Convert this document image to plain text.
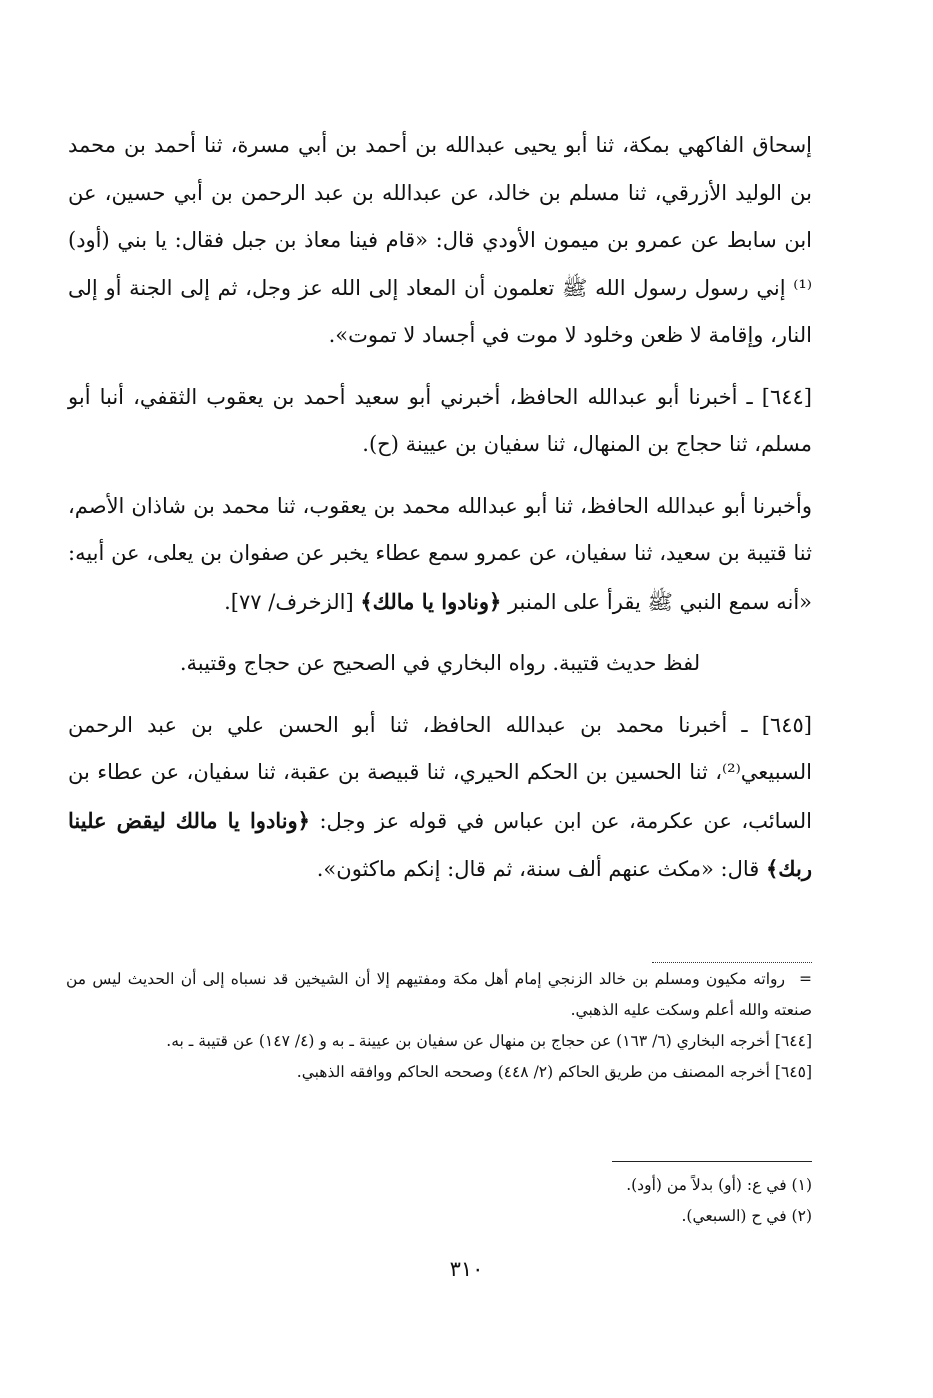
إسحاق الفاكهي بمكة، ثنا أبو يحيى عبدالله بن أحمد بن أبي مسرة، ثنا أحمد بن محمد بن الوليد الأزرقي، ثنا مسلم بن خالد، عن عبدالله بن عبد الرحمن بن أبي حسين، عن ابن سابط عن عمرو بن ميمون الأودي قال: «قام فينا معاذ بن جبل فقال: يا بني (أود)⁽¹⁾ إني رسول رسول الله ﷺ تعلمون أن المعاد إلى الله عز وجل، ثم إلى الجنة أو إلى النار، وإقامة لا ظعن وخلود لا موت في أجساد لا تموت».

[٦٤٤] ـ أخبرنا أبو عبدالله الحافظ، أخبرني أبو سعيد أحمد بن يعقوب الثقفي، أنبا أبو مسلم، ثنا حجاج بن المنهال، ثنا سفيان بن عيينة (ح).

وأخبرنا أبو عبدالله الحافظ، ثنا أبو عبدالله محمد بن يعقوب، ثنا محمد بن شاذان الأصم، ثنا قتيبة بن سعيد، ثنا سفيان، عن عمرو سمع عطاء يخبر عن صفوان بن يعلى، عن أبيه: «أنه سمع النبي ﷺ يقرأ على المنبر ﴿ونادوا يا مالك﴾ [الزخرف/ ٧٧].

لفظ حديث قتيبة. رواه البخاري في الصحيح عن حجاج وقتيبة.

[٦٤٥] ـ أخبرنا محمد بن عبدالله الحافظ، ثنا أبو الحسن علي بن عبد الرحمن السبيعي⁽²⁾، ثنا الحسين بن الحكم الحيري، ثنا قبيصة بن عقبة، ثنا سفيان، عن عطاء بن السائب، عن عكرمة، عن ابن عباس في قوله عز وجل: ﴿ونادوا يا مالك ليقض علينا ربك﴾ قال: «مكث عنهم ألف سنة، ثم قال: إنكم ماكثون».

=رواته مكيون ومسلم بن خالد الزنجي إمام أهل مكة ومفتيهم إلا أن الشيخين قد نسباه إلى أن الحديث ليس من صنعته والله أعلم وسكت عليه الذهبي.

[٦٤٤] أخرجه البخاري (٦/ ١٦٣) عن حجاج بن منهال عن سفيان بن عيينة ـ به و (٤/ ١٤٧) عن قتيبة ـ به.

[٦٤٥] أخرجه المصنف من طريق الحاكم (٢/ ٤٤٨) وصححه الحاكم ووافقه الذهبي.

(١) في ع: (أو) بدلاً من (أود).

(٢) في ح (السبعي).

٣١٠
